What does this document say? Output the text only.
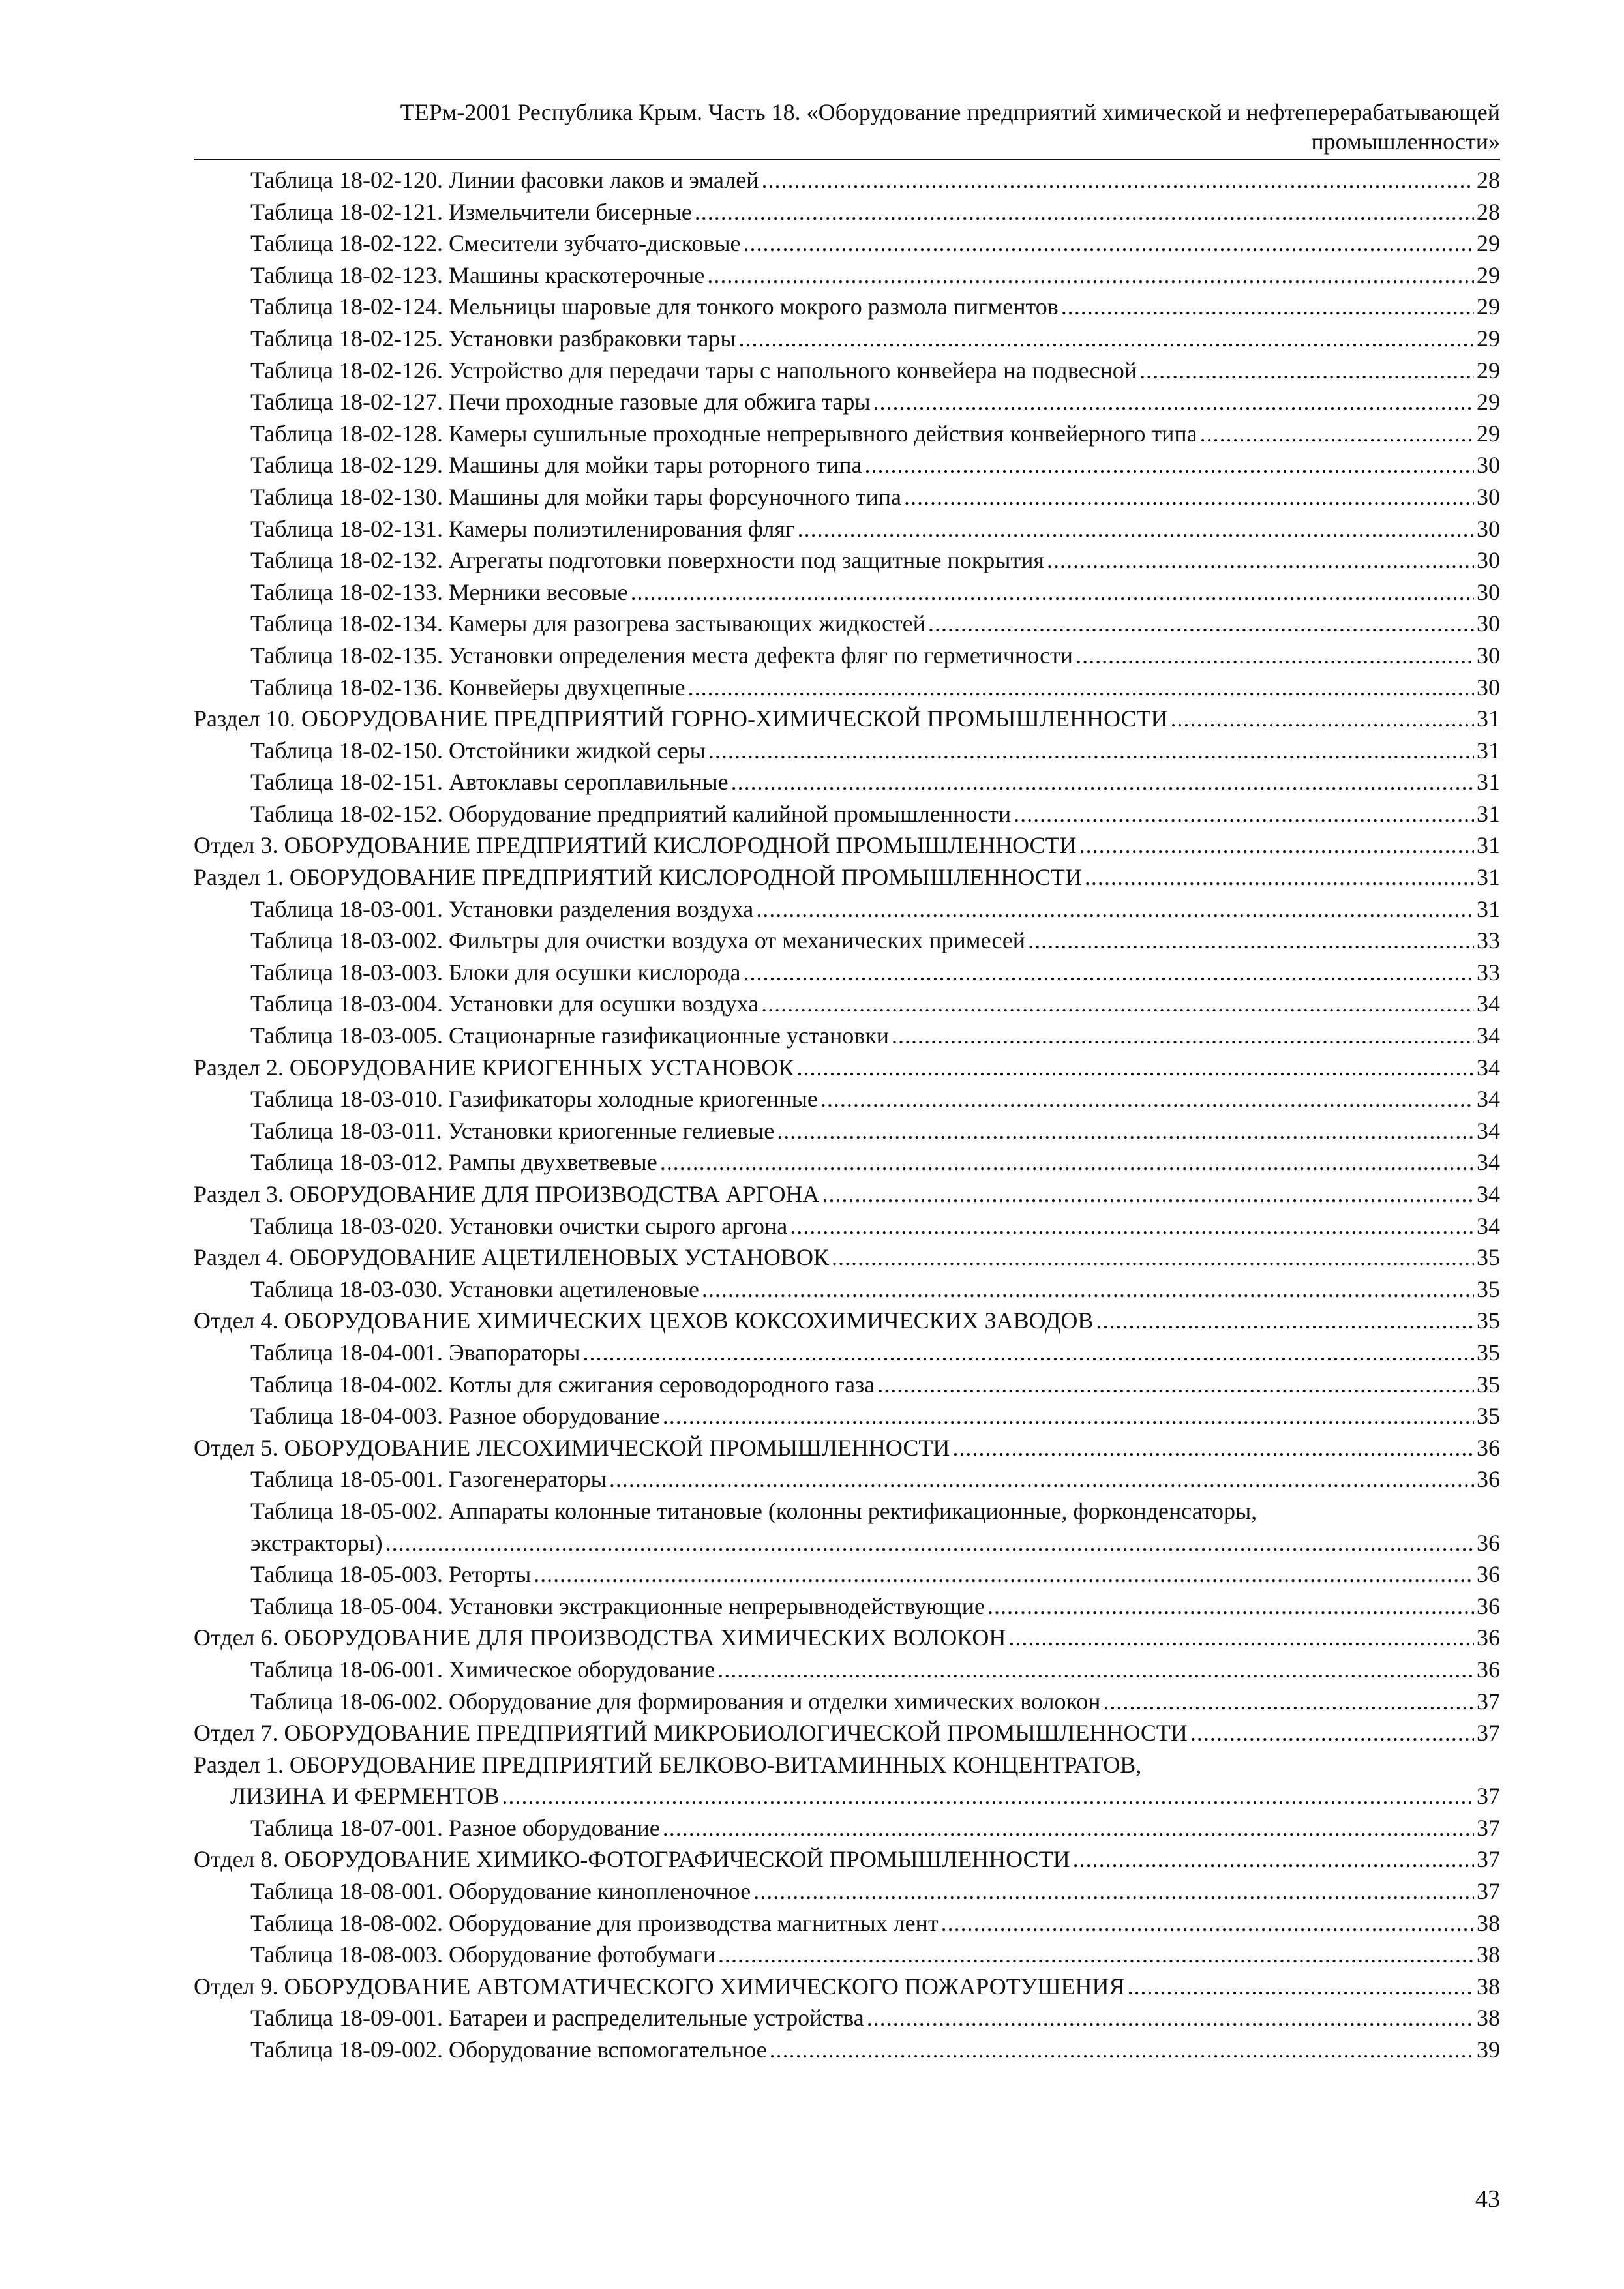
ТЕРм-2001 Республика Крым. Часть 18. «Оборудование предприятий химической и нефтеперерабатывающей
промышленности»
Таблица 18-02-120. Линии фасовки лаков и эмалей .....	28
Таблица 18-02-121. Измельчители бисерные .....	28
Таблица 18-02-122. Смесители зубчато-дисковые .....	29
Таблица 18-02-123. Машины краскотерочные .....	29
Таблица 18-02-124. Мельницы шаровые для тонкого мокрого размола пигментов .....	29
Таблица 18-02-125. Установки разбраковки тары .....	29
Таблица 18-02-126. Устройство для передачи тары с напольного конвейера на подвесной .....	29
Таблица 18-02-127. Печи проходные газовые для обжига тары .....	29
Таблица 18-02-128. Камеры сушильные проходные непрерывного действия конвейерного типа .....	29
Таблица 18-02-129. Машины для мойки тары роторного типа .....	30
Таблица 18-02-130. Машины для мойки тары форсуночного типа .....	30
Таблица 18-02-131. Камеры полиэтиленирования фляг .....	30
Таблица 18-02-132. Агрегаты подготовки поверхности под защитные покрытия .....	30
Таблица 18-02-133. Мерники весовые .....	30
Таблица 18-02-134. Камеры для разогрева застывающих жидкостей .....	30
Таблица 18-02-135. Установки определения места дефекта фляг по герметичности .....	30
Таблица 18-02-136. Конвейеры двухцепные .....	30
Раздел 10. ОБОРУДОВАНИЕ ПРЕДПРИЯТИЙ ГОРНО-ХИМИЧЕСКОЙ ПРОМЫШЛЕННОСТИ .....	31
Таблица 18-02-150. Отстойники жидкой серы .....	31
Таблица 18-02-151. Автоклавы сероплавильные .....	31
Таблица 18-02-152. Оборудование предприятий калийной промышленности .....	31
Отдел 3. ОБОРУДОВАНИЕ ПРЕДПРИЯТИЙ КИСЛОРОДНОЙ ПРОМЫШЛЕННОСТИ .....	31
Раздел 1. ОБОРУДОВАНИЕ ПРЕДПРИЯТИЙ КИСЛОРОДНОЙ ПРОМЫШЛЕННОСТИ .....	31
Таблица 18-03-001. Установки разделения воздуха .....	31
Таблица 18-03-002. Фильтры для очистки воздуха от механических примесей .....	33
Таблица 18-03-003. Блоки для осушки кислорода .....	33
Таблица 18-03-004. Установки для осушки воздуха .....	34
Таблица 18-03-005. Стационарные газификационные установки .....	34
Раздел 2. ОБОРУДОВАНИЕ КРИОГЕННЫХ УСТАНОВОК .....	34
Таблица 18-03-010. Газификаторы холодные криогенные .....	34
Таблица 18-03-011. Установки криогенные гелиевые .....	34
Таблица 18-03-012. Рампы двухветвевые .....	34
Раздел 3. ОБОРУДОВАНИЕ ДЛЯ ПРОИЗВОДСТВА АРГОНА .....	34
Таблица 18-03-020. Установки очистки сырого аргона .....	34
Раздел 4. ОБОРУДОВАНИЕ АЦЕТИЛЕНОВЫХ УСТАНОВОК .....	35
Таблица 18-03-030. Установки ацетиленовые .....	35
Отдел 4. ОБОРУДОВАНИЕ ХИМИЧЕСКИХ ЦЕХОВ КОКСОХИМИЧЕСКИХ ЗАВОДОВ .....	35
Таблица 18-04-001. Эвапораторы .....	35
Таблица 18-04-002. Котлы для сжигания сероводородного газа .....	35
Таблица 18-04-003. Разное оборудование .....	35
Отдел 5. ОБОРУДОВАНИЕ ЛЕСОХИМИЧЕСКОЙ ПРОМЫШЛЕННОСТИ .....	36
Таблица 18-05-001. Газогенераторы .....	36
Таблица 18-05-002. Аппараты колонные титановые (колонны ректификационные, форконденсаторы,
экстракторы) .....	36
Таблица 18-05-003. Реторты .....	36
Таблица 18-05-004. Установки экстракционные непрерывнодействующие .....	36
Отдел 6. ОБОРУДОВАНИЕ ДЛЯ ПРОИЗВОДСТВА ХИМИЧЕСКИХ ВОЛОКОН .....	36
Таблица 18-06-001. Химическое оборудование .....	36
Таблица 18-06-002. Оборудование для формирования и отделки химических волокон .....	37
Отдел 7. ОБОРУДОВАНИЕ ПРЕДПРИЯТИЙ МИКРОБИОЛОГИЧЕСКОЙ ПРОМЫШЛЕННОСТИ .....	37
Раздел 1. ОБОРУДОВАНИЕ ПРЕДПРИЯТИЙ БЕЛКОВО-ВИТАМИННЫХ КОНЦЕНТРАТОВ,
ЛИЗИНА И ФЕРМЕНТОВ .....	37
Таблица 18-07-001. Разное оборудование .....	37
Отдел 8. ОБОРУДОВАНИЕ ХИМИКО-ФОТОГРАФИЧЕСКОЙ ПРОМЫШЛЕННОСТИ .....	37
Таблица 18-08-001. Оборудование кинопленочное .....	37
Таблица 18-08-002. Оборудование для производства магнитных лент .....	38
Таблица 18-08-003. Оборудование фотобумаги .....	38
Отдел 9. ОБОРУДОВАНИЕ АВТОМАТИЧЕСКОГО ХИМИЧЕСКОГО ПОЖАРОТУШЕНИЯ .....	38
Таблица 18-09-001. Батареи и распределительные устройства .....	38
Таблица 18-09-002. Оборудование вспомогательное .....	39
43
